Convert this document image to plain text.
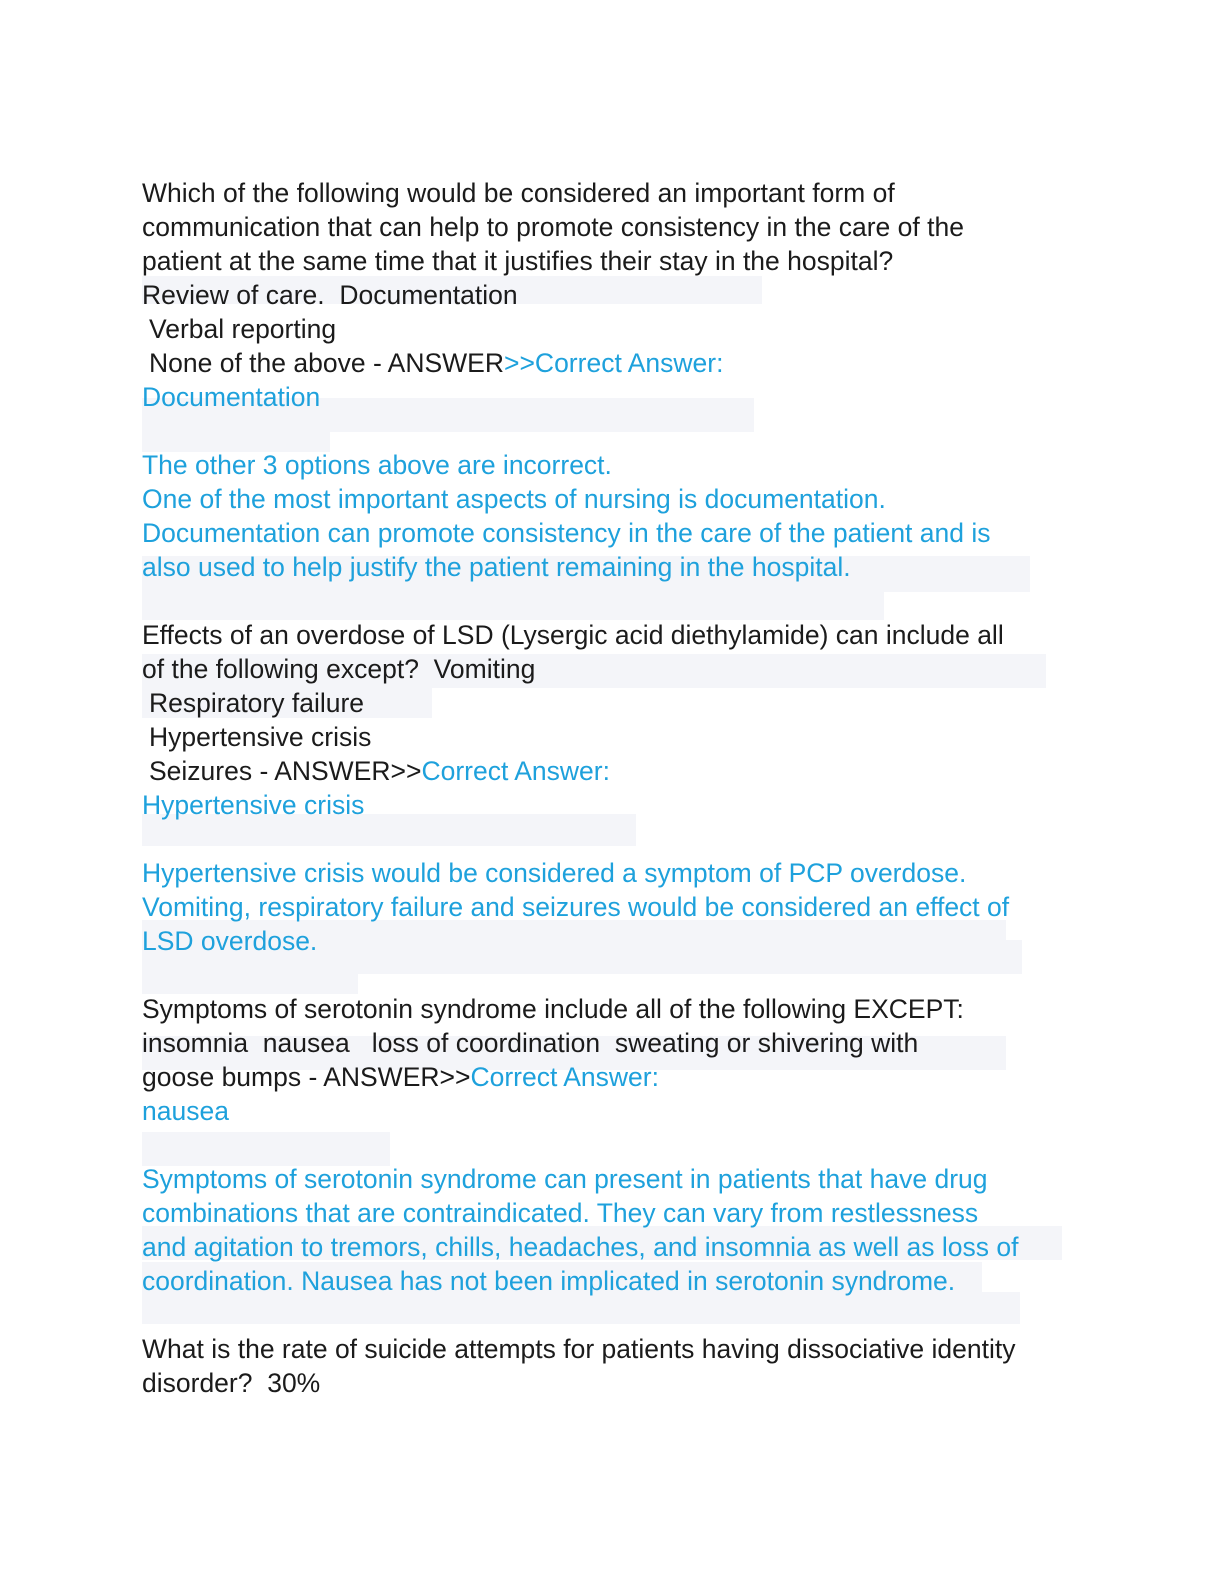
Which of the following would be considered an important form of
communication that can help to promote consistency in the care of the
patient at the same time that it justifies their stay in the hospital?
Review of care.  Documentation
Verbal reporting
None of the above - ANSWER>>Correct Answer:
Documentation
The other 3 options above are incorrect.
One of the most important aspects of nursing is documentation.
Documentation can promote consistency in the care of the patient and is
also used to help justify the patient remaining in the hospital.
Effects of an overdose of LSD (Lysergic acid diethylamide) can include all
of the following except?  Vomiting
Respiratory failure
Hypertensive crisis
Seizures - ANSWER>>Correct Answer:
Hypertensive crisis
Hypertensive crisis would be considered a symptom of PCP overdose.
Vomiting, respiratory failure and seizures would be considered an effect of
LSD overdose.
Symptoms of serotonin syndrome include all of the following EXCEPT:
insomnia  nausea   loss of coordination  sweating or shivering with
goose bumps - ANSWER>>Correct Answer:
nausea
Symptoms of serotonin syndrome can present in patients that have drug
combinations that are contraindicated. They can vary from restlessness
and agitation to tremors, chills, headaches, and insomnia as well as loss of
coordination. Nausea has not been implicated in serotonin syndrome.
What is the rate of suicide attempts for patients having dissociative identity
disorder?  30%
